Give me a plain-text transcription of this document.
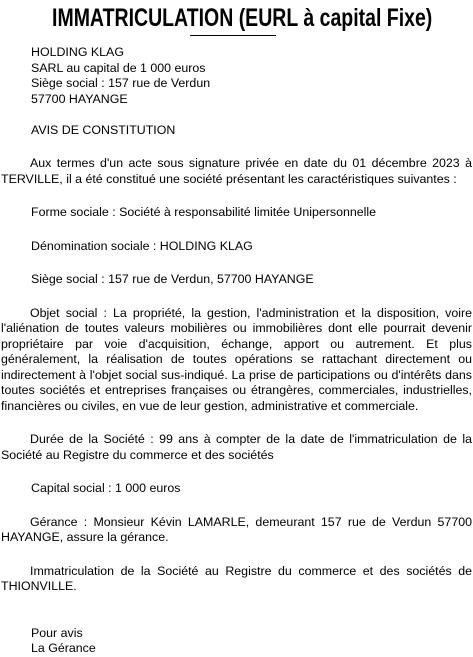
IMMATRICULATION (EURL à capital Fixe)
HOLDING KLAG
SARL au capital de 1 000 euros
Siège social : 157 rue de Verdun
57700 HAYANGE
AVIS DE CONSTITUTION

Aux termes d'un acte sous signature privée en date du 01 décembre 2023 à TERVILLE, il a été constitué une société présentant les caractéristiques suivantes :

Forme sociale : Société à responsabilité limitée Unipersonnelle
Dénomination sociale : HOLDING KLAG
Siège social : 157 rue de Verdun, 57700 HAYANGE

Objet social : La propriété, la gestion, l'administration et la disposition, voire l'aliénation de toutes valeurs mobilières ou immobilières dont elle pourrait devenir propriétaire par voie d'acquisition, échange, apport ou autrement. Et plus généralement, la réalisation de toutes opérations se rattachant directement ou indirectement à l'objet social sus-indiqué. La prise de participations ou d'intérêts dans toutes sociétés et entreprises françaises ou étrangères, commerciales, industrielles, financières ou civiles, en vue de leur gestion, administrative et commerciale.

Durée de la Société : 99 ans à compter de la date de l'immatriculation de la Société au Registre du commerce et des sociétés

Capital social : 1 000 euros

Gérance : Monsieur Kévin LAMARLE, demeurant 157 rue de Verdun 57700 HAYANGE, assure la gérance.

Immatriculation de la Société au Registre du commerce et des sociétés de THIONVILLE.

Pour avis
La Gérance
